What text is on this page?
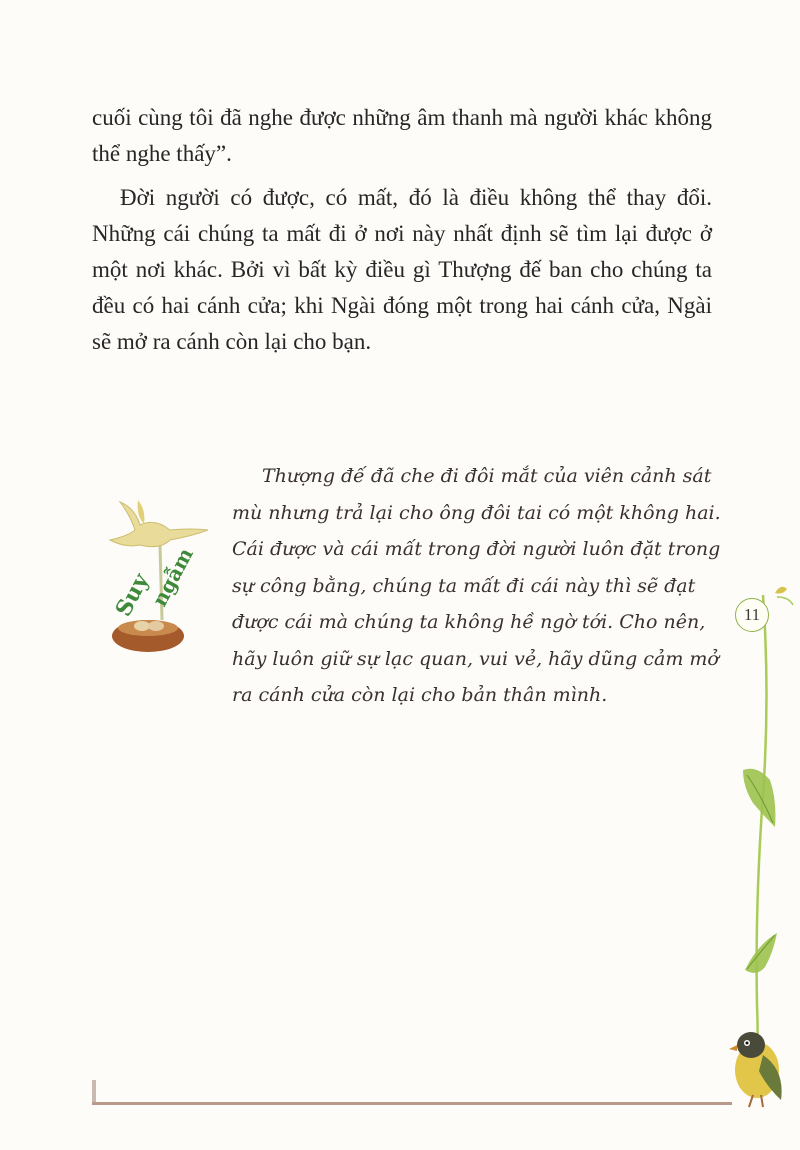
cuối cùng tôi đã nghe được những âm thanh mà người khác không thể nghe thấy”.

Đời người có được, có mất, đó là điều không thể thay đổi. Những cái chúng ta mất đi ở nơi này nhất định sẽ tìm lại được ở một nơi khác. Bởi vì bất kỳ điều gì Thượng đế ban cho chúng ta đều có hai cánh cửa; khi Ngài đóng một trong hai cánh cửa, Ngài sẽ mở ra cánh còn lại cho bạn.

Suy
ngẫm
Thượng đế đã che đi đôi mắt của viên cảnh sát mù nhưng trả lại cho ông đôi tai có một không hai. Cái được và cái mất trong đời người luôn đặt trong sự công bằng, chúng ta mất đi cái này thì sẽ đạt được cái mà chúng ta không hề ngờ tới. Cho nên, hãy luôn giữ sự lạc quan, vui vẻ, hãy dũng cảm mở ra cánh cửa còn lại cho bản thân mình.
11
